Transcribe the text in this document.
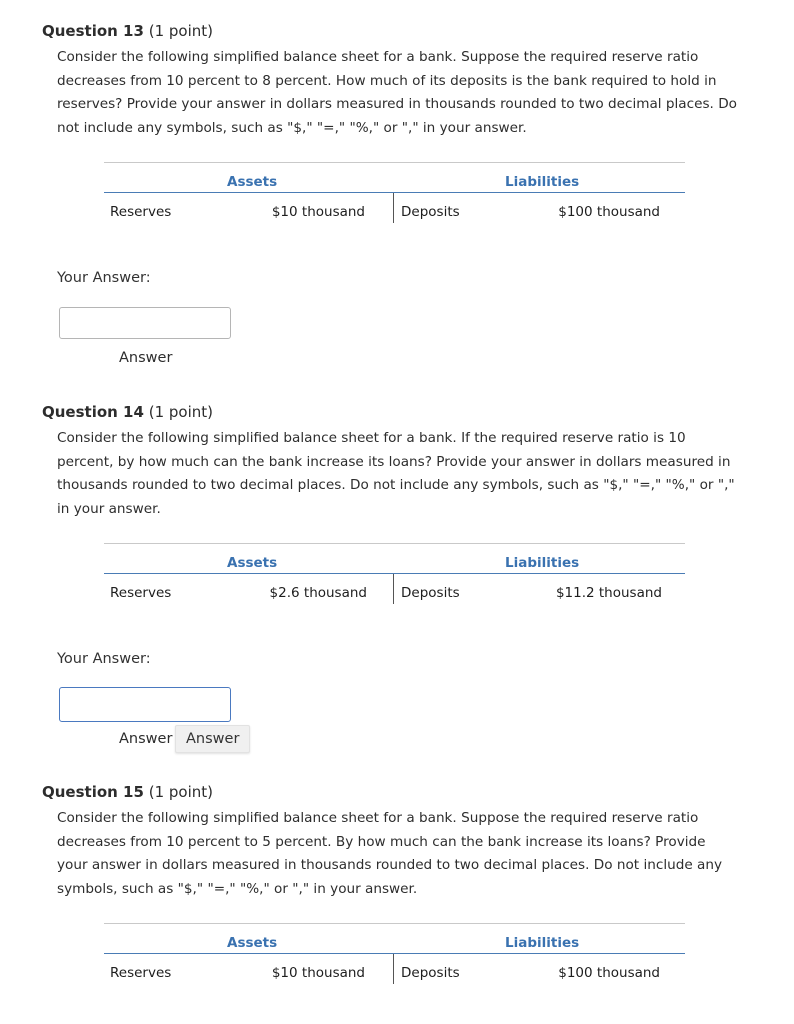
Question 13 (1 point)
Consider the following simplified balance sheet for a bank. Suppose the required reserve ratio decreases from 10 percent to 8 percent. How much of its deposits is the bank required to hold in reserves? Provide your answer in dollars measured in thousands rounded to two decimal places. Do not include any symbols, such as "$," "=," "%," or "," in your answer.
Assets	Liabilities
Reserves	$10 thousand	Deposits	$100 thousand
Your Answer:
Answer
Question 14 (1 point)
Consider the following simplified balance sheet for a bank. If the required reserve ratio is 10 percent, by how much can the bank increase its loans? Provide your answer in dollars measured in thousands rounded to two decimal places. Do not include any symbols, such as "$," "=," "%," or "," in your answer.
Assets	Liabilities
Reserves	$2.6 thousand	Deposits	$11.2 thousand
Your Answer:
Answer Answer
Question 15 (1 point)
Consider the following simplified balance sheet for a bank. Suppose the required reserve ratio decreases from 10 percent to 5 percent. By how much can the bank increase its loans? Provide your answer in dollars measured in thousands rounded to two decimal places. Do not include any symbols, such as "$," "=," "%," or "," in your answer.
Assets	Liabilities
Reserves	$10 thousand	Deposits	$100 thousand
